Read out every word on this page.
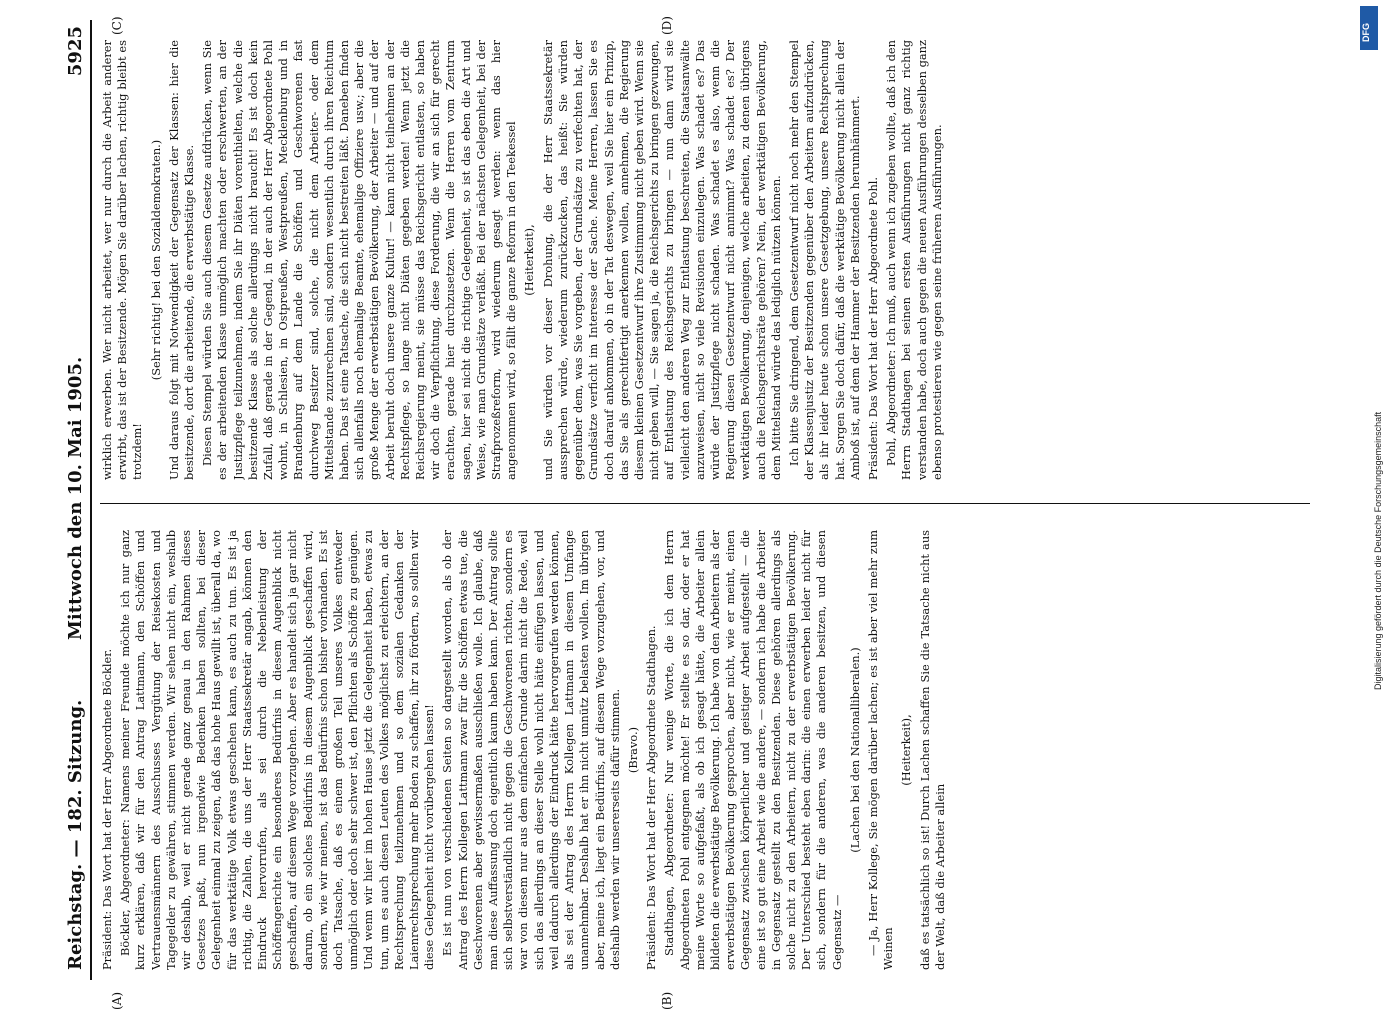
Reichstag. — 182. Sitzung.
Mittwoch den 10. Mai 1905.
5925
(A)	(B)
(C)	(D)

Präsident: Das Wort hat der Herr Abgeordnete Böckler. Böckler, Abgeordneter: Namens meiner Freunde möchte ich nur ganz kurz erklären, daß wir für den Antrag Lattmann, den Schöffen und Vertrauensmännern des Ausschusses Vergütung der Reisekosten und Tagegelder zu gewähren, stimmen werden. Wir sehen nicht ein, weshalb wir deshalb, weil er nicht gerade ganz genau in den Rahmen dieses Gesetzes paßt, nun irgendwie Bedenken haben sollten, bei dieser Gelegenheit einmal zu zeigen, daß das hohe Haus gewillt ist, überall da, wo für das werktätige Volk etwas geschehen kann, es auch zu tun. Es ist ja richtig, die Zahlen, die uns der Herr Staatssekretär angab, können den Eindruck hervorrufen, als sei durch die Nebenleistung der Schöffengerichte ein besonderes Bedürfnis in diesem Augenblick nicht geschaffen, auf diesem Wege vorzugehen. Aber es handelt sich ja gar nicht darum, ob ein solches Bedürfnis in diesem Augenblick geschaffen wird, sondern, wie wir meinen, ist das Bedürfnis schon bisher vorhanden. Es ist doch Tatsache, daß es einem großen Teil unseres Volkes entweder unmöglich oder doch sehr schwer ist, den Pflichten als Schöffe zu genügen. Und wenn wir hier im hohen Hause jetzt die Gelegenheit haben, etwas zu tun, um es auch diesen Leuten des Volkes möglichst zu erleichtern, an der Rechtsprechung teilzunehmen und so dem sozialen Gedanken der Laienrechtsprechung mehr Boden zu schaffen, ihr zu fördern, so sollten wir diese Gelegenheit nicht vorübergehen lassen! Es ist nun von verschiedenen Seiten so dargestellt worden, als ob der Antrag des Herrn Kollegen Lattmann zwar für die Schöffen etwas tue, die Geschworenen aber gewissermaßen ausschließen wolle. Ich glaube, daß man diese Auffassung doch eigentlich kaum haben kann. Der Antrag sollte sich selbstverständlich nicht gegen die Geschworenen richten, sondern es war von diesem nur aus dem einfachen Grunde darin nicht die Rede, weil sich das allerdings an dieser Stelle wohl nicht hätte einfügen lassen, und weil dadurch allerdings der Eindruck hätte hervorgerufen werden können, als sei der Antrag des Herrn Kollegen Lattmann in diesem Umfange unannehmbar. Deshalb hat er ihn nicht unnütz belasten wollen. Im übrigen aber, meine ich, liegt ein Bedürfnis, auf diesem Wege vorzugehen, vor, und deshalb werden wir unsererseits dafür stimmen. (Bravo.) Präsident: Das Wort hat der Herr Abgeordnete Stadthagen. Stadthagen, Abgeordneter: Nur wenige Worte, die ich dem Herrn Abgeordneten Pohl entgegnen möchte! Er stellte es so dar, oder er hat meine Worte so aufgefaßt, als ob ich gesagt hätte, die Arbeiter allein bildeten die erwerbstätige Bevölkerung. Ich habe von den Arbeitern als der erwerbstätigen Bevölkerung gesprochen, aber nicht, wie er meint, einen Gegensatz zwischen körperlicher und geistiger Arbeit aufgestellt — die eine ist so gut eine Arbeit wie die andere, — sondern ich habe die Arbeiter in Gegensatz gestellt zu den Besitzenden. Diese gehören allerdings als solche nicht zu den Arbeitern, nicht zu der erwerbstätigen Bevölkerung. Der Unterschied besteht eben darin: die einen erwerben leider nicht für sich, sondern für die anderen, was die anderen besitzen, und diesen Gegensatz —

(Lachen bei den Nationalliberalen.) — Ja, Herr Kollege, Sie mögen darüber lachen; es ist aber viel mehr zum Weinen

(Heiterkeit), daß es tatsächlich so ist! Durch Lachen schaffen Sie die Tatsache nicht aus der Welt, daß die Arbeiter allein

wirklich erwerben. Wer nicht arbeitet, wer nur durch die Arbeit anderer erwirbt, das ist der Besitzende. Mögen Sie darüber lachen, richtig bleibt es trotzdem!

(Sehr richtig! bei den Sozialdemokraten.) Und daraus folgt mit Notwendigkeit der Gegensatz der Klassen: hier die besitzende, dort die arbeitende, die erwerbstätige Klasse. Diesen Stempel würden Sie auch diesem Gesetze aufdrücken, wenn Sie es der arbeitenden Klasse unmöglich machten oder erschwerten, an der Justizpflege teilzunehmen, indem Sie ihr Diäten vorenthielten, welche die besitzende Klasse als solche allerdings nicht braucht! Es ist doch kein Zufall, daß gerade in der Gegend, in der auch der Herr Abgeordnete Pohl wohnt, in Schlesien, in Ostpreußen, Westpreußen, Mecklenburg und in Brandenburg auf dem Lande die Schöffen und Geschworenen fast durchweg Besitzer sind, solche, die nicht dem Arbeiter- oder dem Mittelstande zuzurechnen sind, sondern wesentlich durch ihren Reichtum haben. Das ist eine Tatsache, die sich nicht bestreiten läßt. Daneben finden sich allenfalls noch ehemalige Beamte, ehemalige Offiziere usw.; aber die große Menge der erwerbstätigen Bevölkerung, der Arbeiter — und auf der Arbeit beruht doch unsere ganze Kultur! — kann nicht teilnehmen an der Rechtspflege, so lange nicht Diäten gegeben werden! Wenn jetzt die Reichsregierung meint, sie müsse das Reichsgericht entlasten, so haben wir doch die Verpflichtung, diese Forderung, die wir an sich für gerecht erachten, gerade hier durchzusetzen. Wenn die Herren vom Zentrum sagen, hier sei nicht die richtige Gelegenheit, so ist das eben die Art und Weise, wie man Grundsätze verläßt. Bei der nächsten Gelegenheit, bei der Strafprozeßreform, wird wiederum gesagt werden: wenn das hier angenommen wird, so fällt die ganze Reform in den Teekessel (Heiterkeit), und Sie würden vor dieser Drohung, die der Herr Staatssekretär aussprechen würde, wiederum zurückzucken, das heißt: Sie würden gegenüber dem, was Sie vorgeben, der Grundsätze zu verfechten hat, der Grundsätze verficht im Interesse der Sache. Meine Herren, lassen Sie es doch darauf ankommen, ob in der Tat deswegen, weil Sie hier ein Prinzip, das Sie als gerechtfertigt anerkennen wollen, annehmen, die Regierung diesem kleinen Gesetzentwurf ihre Zustimmung nicht geben wird. Wenn sie nicht geben will, — Sie sagen ja, die Reichsgerichts zu bringen gezwungen, auf Entlastung des Reichsgerichts zu bringen — nun dann wird sie vielleicht den anderen Weg zur Entlastung beschreiten, die Staatsanwälte anzuweisen, nicht so viele Revisionen einzulegen. Was schadet es? Das würde der Justizpflege nicht schaden. Was schadet es also, wenn die Regierung diesen Gesetzentwurf nicht annimmt? Was schadet es? Der werktätigen Bevölkerung, denjenigen, welche arbeiten, zu denen übrigens auch die Reichsgerichtsräte gehören? Nein, der werktätigen Bevölkerung, dem Mittelstand würde das lediglich nützen können. Ich bitte Sie dringend, dem Gesetzentwurf nicht noch mehr den Stempel der Klassenjustiz der Besitzenden gegenüber den Arbeitern aufzudrücken, als ihr leider heute schon unsere Gesetzgebung, unsere Rechtsprechung hat. Sorgen Sie doch dafür, daß die werktätige Bevölkerung nicht allein der Amboß ist, auf dem der Hammer der Besitzenden herumhämmert. Präsident: Das Wort hat der Herr Abgeordnete Pohl. Pohl, Abgeordneter: Ich muß, auch wenn ich zugeben wollte, daß ich den Herrn Stadthagen bei seinen ersten Ausführungen nicht ganz richtig verstanden habe, doch auch gegen die neuen Ausführungen desselben ganz ebenso protestieren wie gegen seine früheren Ausführungen.

Digitalisierung gefördert durch die Deutsche Forschungsgemeinschaft
DFG
